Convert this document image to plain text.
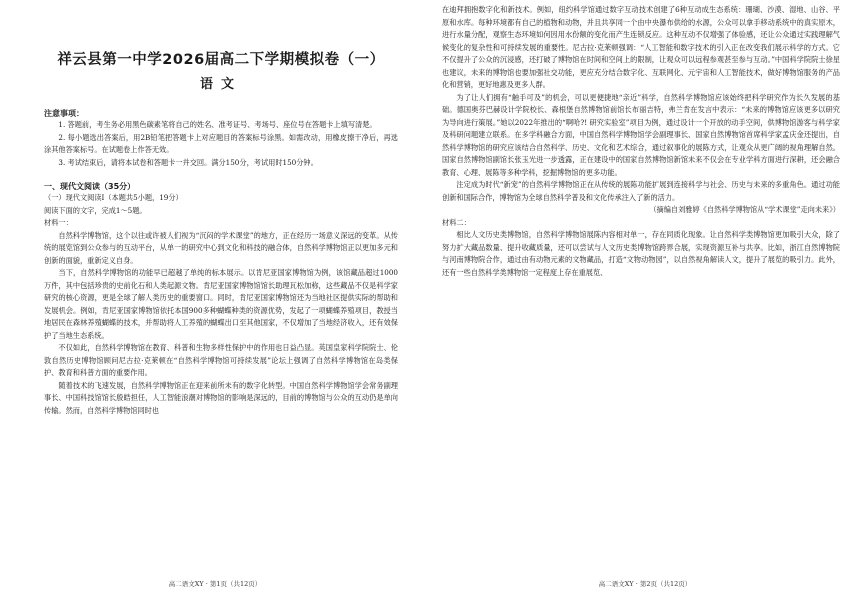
祥云县第一中学2026届高二下学期模拟卷（一）
语文
注意事项：

1. 答题前，考生务必用黑色碳素笔将自己的姓名、准考证号、考场号、座位号在答题卡上填写清楚。

2. 每小题选出答案后，用2B铅笔把答题卡上对应题目的答案标号涂黑。如需改动，用橡皮擦干净后，再选涂其他答案标号。在试题卷上作答无效。

3. 考试结束后，请将本试卷和答题卡一并交回。满分150分，考试用时150分钟。

一、现代文阅读（35分）

（一）现代文阅读Ⅰ（本题共5小题，19分）

阅读下面的文字，完成1～5题。

材料一：

自然科学博物馆，这个以往或许被人们视为“沉闷的学术课堂”的地方，正在经历一场意义深远的变革。从传统的展览馆到公众参与的互动平台，从单一的研究中心到文化和科技的融合体，自然科学博物馆正以更加多元和创新的面貌，重新定义自身。

当下，自然科学博物馆的功能早已超越了单纯的标本展示。以肯尼亚国家博物馆为例，该馆藏品超过1000万件，其中包括珍贵的史前化石和人类起源文物。肯尼亚国家博物馆馆长助理瓦松加称，这些藏品不仅是科学家研究的核心资源，更是全球了解人类历史的重要窗口。同时，肯尼亚国家博物馆还为当地社区提供实际的帮助和发展机会。例如，肯尼亚国家博物馆依托本国900多种蝴蝶种类的资源优势，发起了一项蝴蝶养殖项目，教授当地居民在森林养殖蝴蝶的技术，并帮助将人工养殖的蝴蝶出口至其他国家，不仅增加了当地经济收入，还有效保护了当地生态系统。

不仅如此，自然科学博物馆在教育、科普和生物多样性保护中的作用也日益凸显。英国皇家科学院院士、伦敦自然历史博物馆顾问尼古拉·克莱顿在“自然科学博物馆可持续发展”论坛上强调了自然科学博物馆在岛类保护、教育和科普方面的重要作用。

随着技术的飞速发展，自然科学博物馆正在迎来前所未有的数字化转型。中国自然科学博物馆学会常务副理事长、中国科技馆馆长殷皓担任，人工智能浪潮对博物馆的影响是深远的，目前的博物馆与公众的互动仍是单向传输。然而，自然科学博物馆同时也

高二语文XY · 第1页（共12页）

在迪拜拥抱数字化和新技术。例如，纽约科学馆通过数字互动技术创建了6种互动成生态系统：珊瑚、沙漠、湿地、山谷、平原和水库。每种环境都有自己的植物和动物，并且共享同一个由中央瀑布供给的水源，公众可以拿手移动系统中的真实原木，进行水量分配，观察生态环境如何因用水份额的变化而产生连锁反应。这种互动不仅增强了体验感，还让公众通过实践理解气候变化的复杂性和可持续发展的重要性。尼古拉·克莱顿强调：“人工智能和数字技术的引入正在改变我们展示科学的方式。它不仅提升了公众的沉浸感，还打破了博物馆在时间和空间上的限制，让观众可以远程参观甚至参与互动。”中国科学院院士徐星也建议，未来的博物馆也要加强社交功能，更应充分结合数字化、互联网化、元宇宙和人工智能技术，做好博物馆服务的产品化和营销，更好地惠及更多人群。

为了让人们拥有“触手可及”的机会，可以更便捷地“亲近”科学，自然科学博物馆应该始终把科学研究作为长久发展的基础。德国奥芬巴赫设计学院校长、森根堡自然博物馆前馆长布丽吉特，弗兰肯在发言中表示：“未来的博物馆应该更多以研究为导向进行策展。”她以2022年推出的“啊哈?! 研究实验室”项目为例，通过设计一个开放的动手空间，供博物馆游客与科学家及科研问题建立联系。在多学科融合方面，中国自然科学博物馆学会副理事长、国家自然博物馆首席科学家孟庆金还提出，自然科学博物馆的研究应该结合自然科学、历史、文化和艺术综合，通过叙事化的展陈方式，让观众从更广阔的视角理解自然。国家自然博物馆副馆长张玉光进一步透露，正在建设中的国家自然博物馆新馆未来不仅会在专业学科方面进行深耕，还会融合教育、心理、展陈等多种学科，挖掘博物馆的更多功能。

注定成为时代“新宠”的自然科学博物馆正在从传统的展陈功能扩展到连接科学与社会、历史与未来的多重角色。通过功能创新和国际合作，博物馆为全球自然科学普及和文化传承注入了新的活力。

（摘编自刘雅婷《自然科学博物馆从“学术课堂”走向未来》）

材料二：

相比人文历史类博物馆，自然科学博物馆展陈内容相对单一，存在同质化现象。让自然科学类博物馆更加吸引大众，除了努力扩大藏品数量、提升收藏质量，还可以尝试与人文历史类博物馆跨界合展，实现资源互补与共享。比如，浙江自然博物院与河南博物院合作，通过由有动物元素的文物藏品，打造“文物动物园”，以自然视角解读人文，提升了展览的吸引力。此外，还有一些自然科学类博物馆一定程度上存在重展览、

高二语文XY · 第2页（共12页）
